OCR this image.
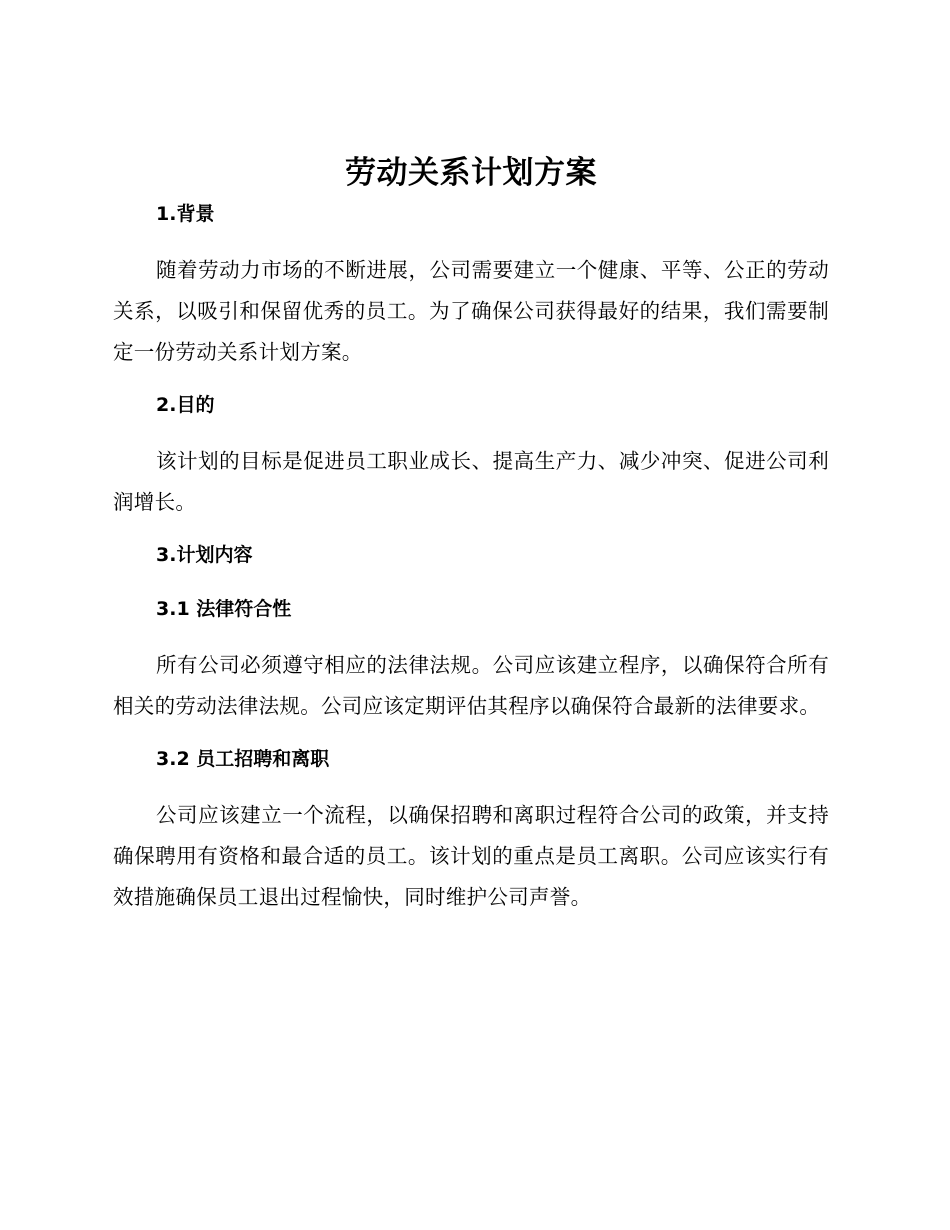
劳动关系计划方案
1.背景

随着劳动力市场的不断进展，公司需要建立一个健康、平等、公正的劳动关系，以吸引和保留优秀的员工。为了确保公司获得最好的结果，我们需要制定一份劳动关系计划方案。

2.目的

该计划的目标是促进员工职业成长、提高生产力、减少冲突、促进公司利润增长。

3.计划内容
3.1 法律符合性

所有公司必须遵守相应的法律法规。公司应该建立程序，以确保符合所有相关的劳动法律法规。公司应该定期评估其程序以确保符合最新的法律要求。

3.2 员工招聘和离职

公司应该建立一个流程，以确保招聘和离职过程符合公司的政策，并支持确保聘用有资格和最合适的员工。该计划的重点是员工离职。公司应该实行有效措施确保员工退出过程愉快，同时维护公司声誉。
